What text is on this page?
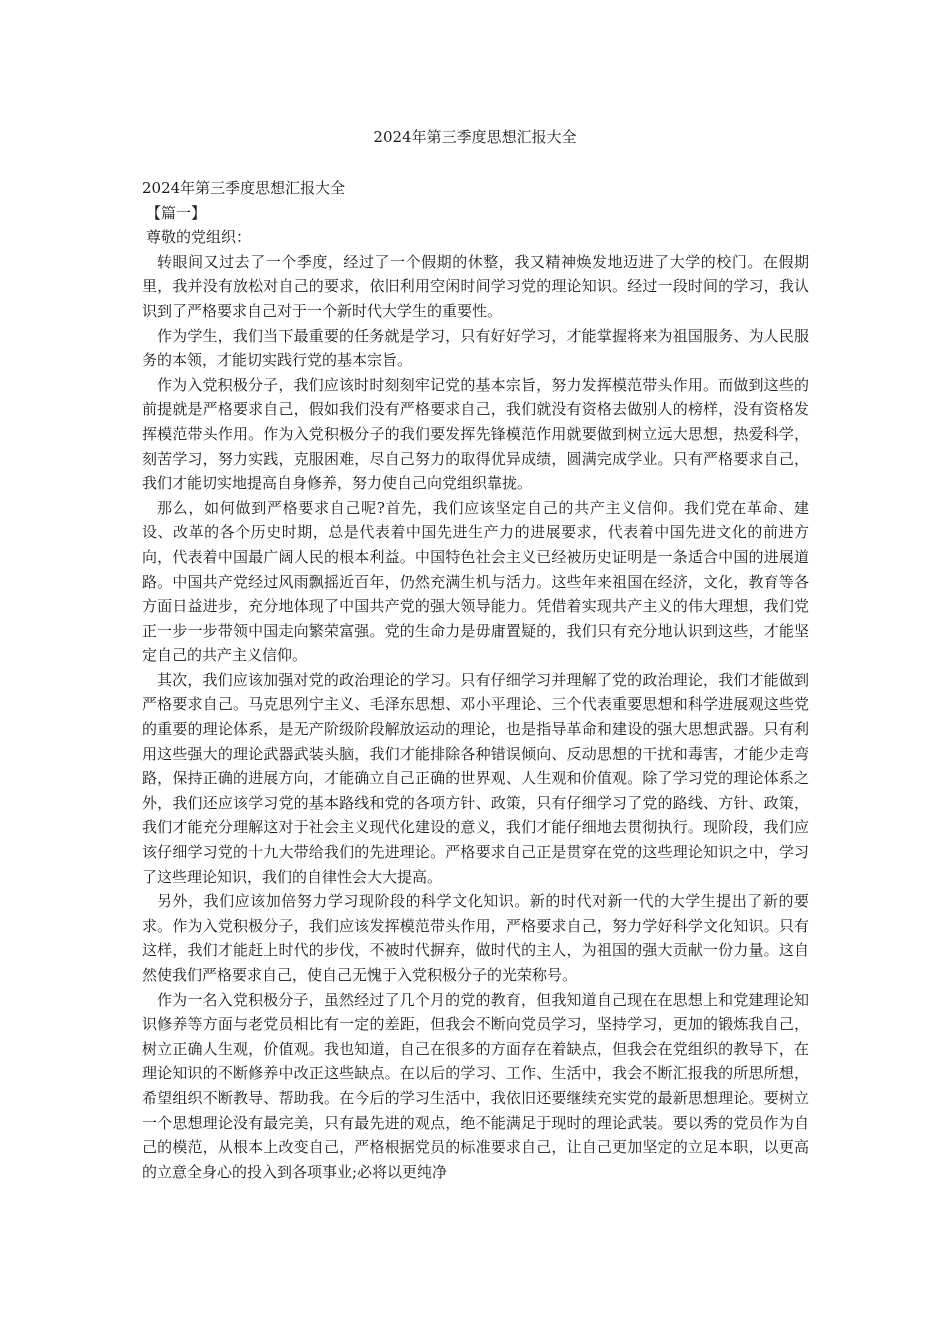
2024年第三季度思想汇报大全

2024年第三季度思想汇报大全

【篇一】

尊敬的党组织：

转眼间又过去了一个季度，经过了一个假期的休整，我又精神焕发地迈进了大学的校门。在假期里，我并没有放松对自己的要求，依旧利用空闲时间学习党的理论知识。经过一段时间的学习，我认识到了严格要求自己对于一个新时代大学生的重要性。

作为学生，我们当下最重要的任务就是学习，只有好好学习，才能掌握将来为祖国服务、为人民服务的本领，才能切实践行党的基本宗旨。

作为入党积极分子，我们应该时时刻刻牢记党的基本宗旨，努力发挥模范带头作用。而做到这些的前提就是严格要求自己，假如我们没有严格要求自己，我们就没有资格去做别人的榜样，没有资格发挥模范带头作用。作为入党积极分子的我们要发挥先锋模范作用就要做到树立远大思想，热爱科学，刻苦学习，努力实践，克服困难，尽自己努力的取得优异成绩，圆满完成学业。只有严格要求自己，我们才能切实地提高自身修养，努力使自己向党组织靠拢。

那么，如何做到严格要求自己呢?首先，我们应该坚定自己的共产主义信仰。我们党在革命、建设、改革的各个历史时期，总是代表着中国先进生产力的进展要求，代表着中国先进文化的前进方向，代表着中国最广阔人民的根本利益。中国特色社会主义已经被历史证明是一条适合中国的进展道路。中国共产党经过风雨飘摇近百年，仍然充满生机与活力。这些年来祖国在经济，文化，教育等各方面日益进步，充分地体现了中国共产党的强大领导能力。凭借着实现共产主义的伟大理想，我们党正一步一步带领中国走向繁荣富强。党的生命力是毋庸置疑的，我们只有充分地认识到这些，才能坚定自己的共产主义信仰。

其次，我们应该加强对党的政治理论的学习。只有仔细学习并理解了党的政治理论，我们才能做到严格要求自己。马克思列宁主义、毛泽东思想、邓小平理论、三个代表重要思想和科学进展观这些党的重要的理论体系，是无产阶级阶段解放运动的理论，也是指导革命和建设的强大思想武器。只有利用这些强大的理论武器武装头脑，我们才能排除各种错误倾向、反动思想的干扰和毒害，才能少走弯路，保持正确的进展方向，才能确立自己正确的世界观、人生观和价值观。除了学习党的理论体系之外，我们还应该学习党的基本路线和党的各项方针、政策，只有仔细学习了党的路线、方针、政策，我们才能充分理解这对于社会主义现代化建设的意义，我们才能仔细地去贯彻执行。现阶段，我们应该仔细学习党的十九大带给我们的先进理论。严格要求自己正是贯穿在党的这些理论知识之中，学习了这些理论知识，我们的自律性会大大提高。

另外，我们应该加倍努力学习现阶段的科学文化知识。新的时代对新一代的大学生提出了新的要求。作为入党积极分子，我们应该发挥模范带头作用，严格要求自己，努力学好科学文化知识。只有这样，我们才能赶上时代的步伐，不被时代摒弃，做时代的主人，为祖国的强大贡献一份力量。这自然使我们严格要求自己，使自己无愧于入党积极分子的光荣称号。

作为一名入党积极分子，虽然经过了几个月的党的教育，但我知道自己现在在思想上和党建理论知识修养等方面与老党员相比有一定的差距，但我会不断向党员学习，坚持学习，更加的锻炼我自己，树立正确人生观，价值观。我也知道，自己在很多的方面存在着缺点，但我会在党组织的教导下，在理论知识的不断修养中改正这些缺点。在以后的学习、工作、生活中，我会不断汇报我的所思所想，希望组织不断教导、帮助我。在今后的学习生活中，我依旧还要继续充实党的最新思想理论。要树立一个思想理论没有最完美，只有最先进的观点，绝不能满足于现时的理论武装。要以秀的党员作为自己的模范，从根本上改变自己，严格根据党员的标准要求自己，让自己更加坚定的立足本职，以更高的立意全身心的投入到各项事业;必将以更纯净
